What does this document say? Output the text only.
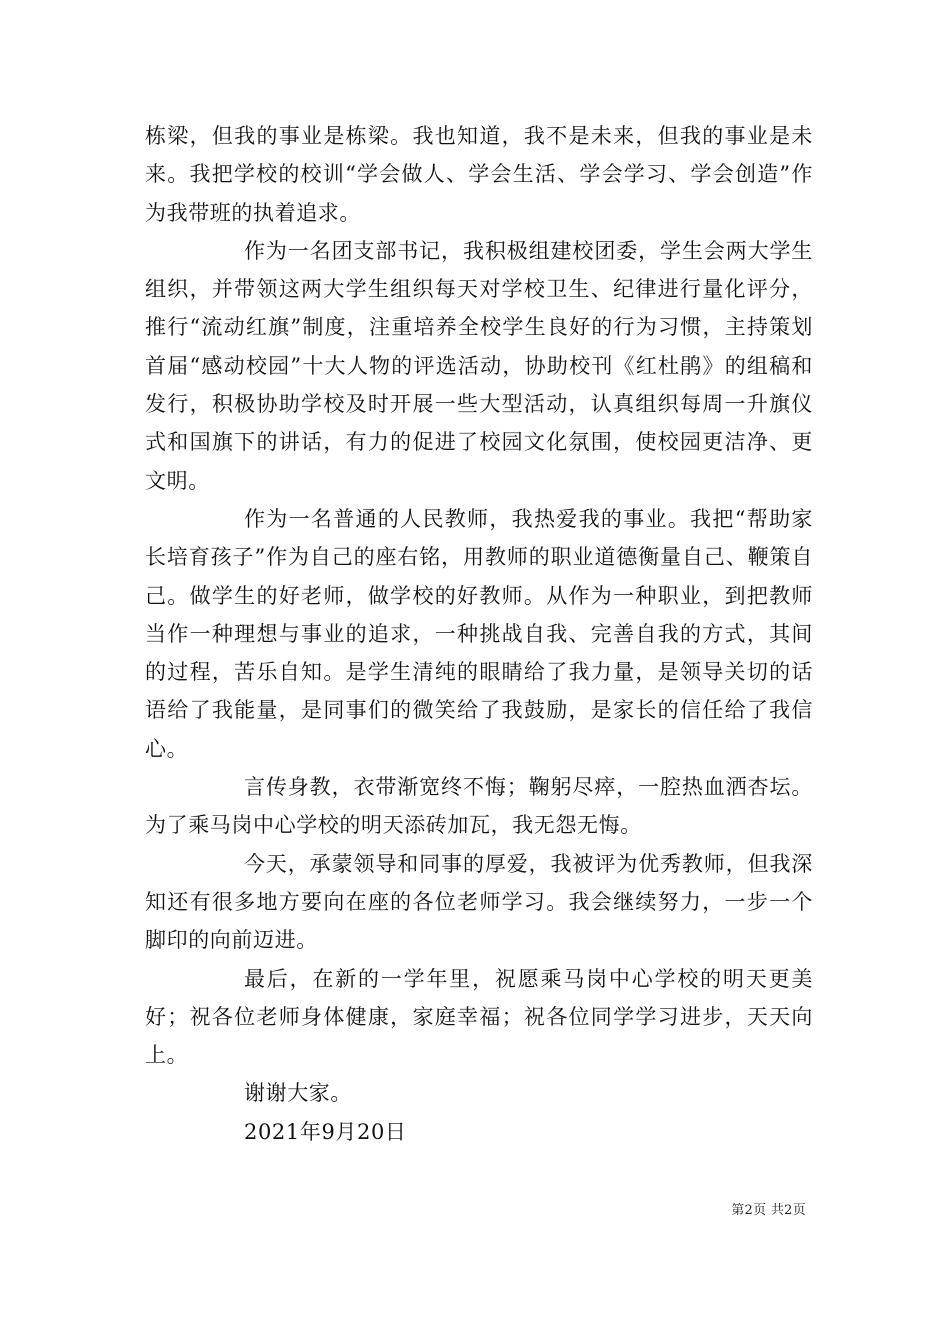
栋梁，但我的事业是栋梁。我也知道，我不是未来，但我的事业是未来。我把学校的校训“学会做人、学会生活、学会学习、学会创造”作为我带班的执着追求。

作为一名团支部书记，我积极组建校团委，学生会两大学生组织，并带领这两大学生组织每天对学校卫生、纪律进行量化评分，推行“流动红旗”制度，注重培养全校学生良好的行为习惯，主持策划首届“感动校园”十大人物的评选活动，协助校刊《红杜鹃》的组稿和发行，积极协助学校及时开展一些大型活动，认真组织每周一升旗仪式和国旗下的讲话，有力的促进了校园文化氛围，使校园更洁净、更文明。

作为一名普通的人民教师，我热爱我的事业。我把“帮助家长培育孩子”作为自己的座右铭，用教师的职业道德衡量自己、鞭策自己。做学生的好老师，做学校的好教师。从作为一种职业，到把教师当作一种理想与事业的追求，一种挑战自我、完善自我的方式，其间的过程，苦乐自知。是学生清纯的眼睛给了我力量，是领导关切的话语给了我能量，是同事们的微笑给了我鼓励，是家长的信任给了我信心。

言传身教，衣带渐宽终不悔；鞠躬尽瘁，一腔热血洒杏坛。为了乘马岗中心学校的明天添砖加瓦，我无怨无悔。

今天，承蒙领导和同事的厚爱，我被评为优秀教师，但我深知还有很多地方要向在座的各位老师学习。我会继续努力，一步一个脚印的向前迈进。

最后，在新的一学年里，祝愿乘马岗中心学校的明天更美好；祝各位老师身体健康，家庭幸福；祝各位同学学习进步，天天向上。

谢谢大家。

2021年9月20日

第2页 共2页
